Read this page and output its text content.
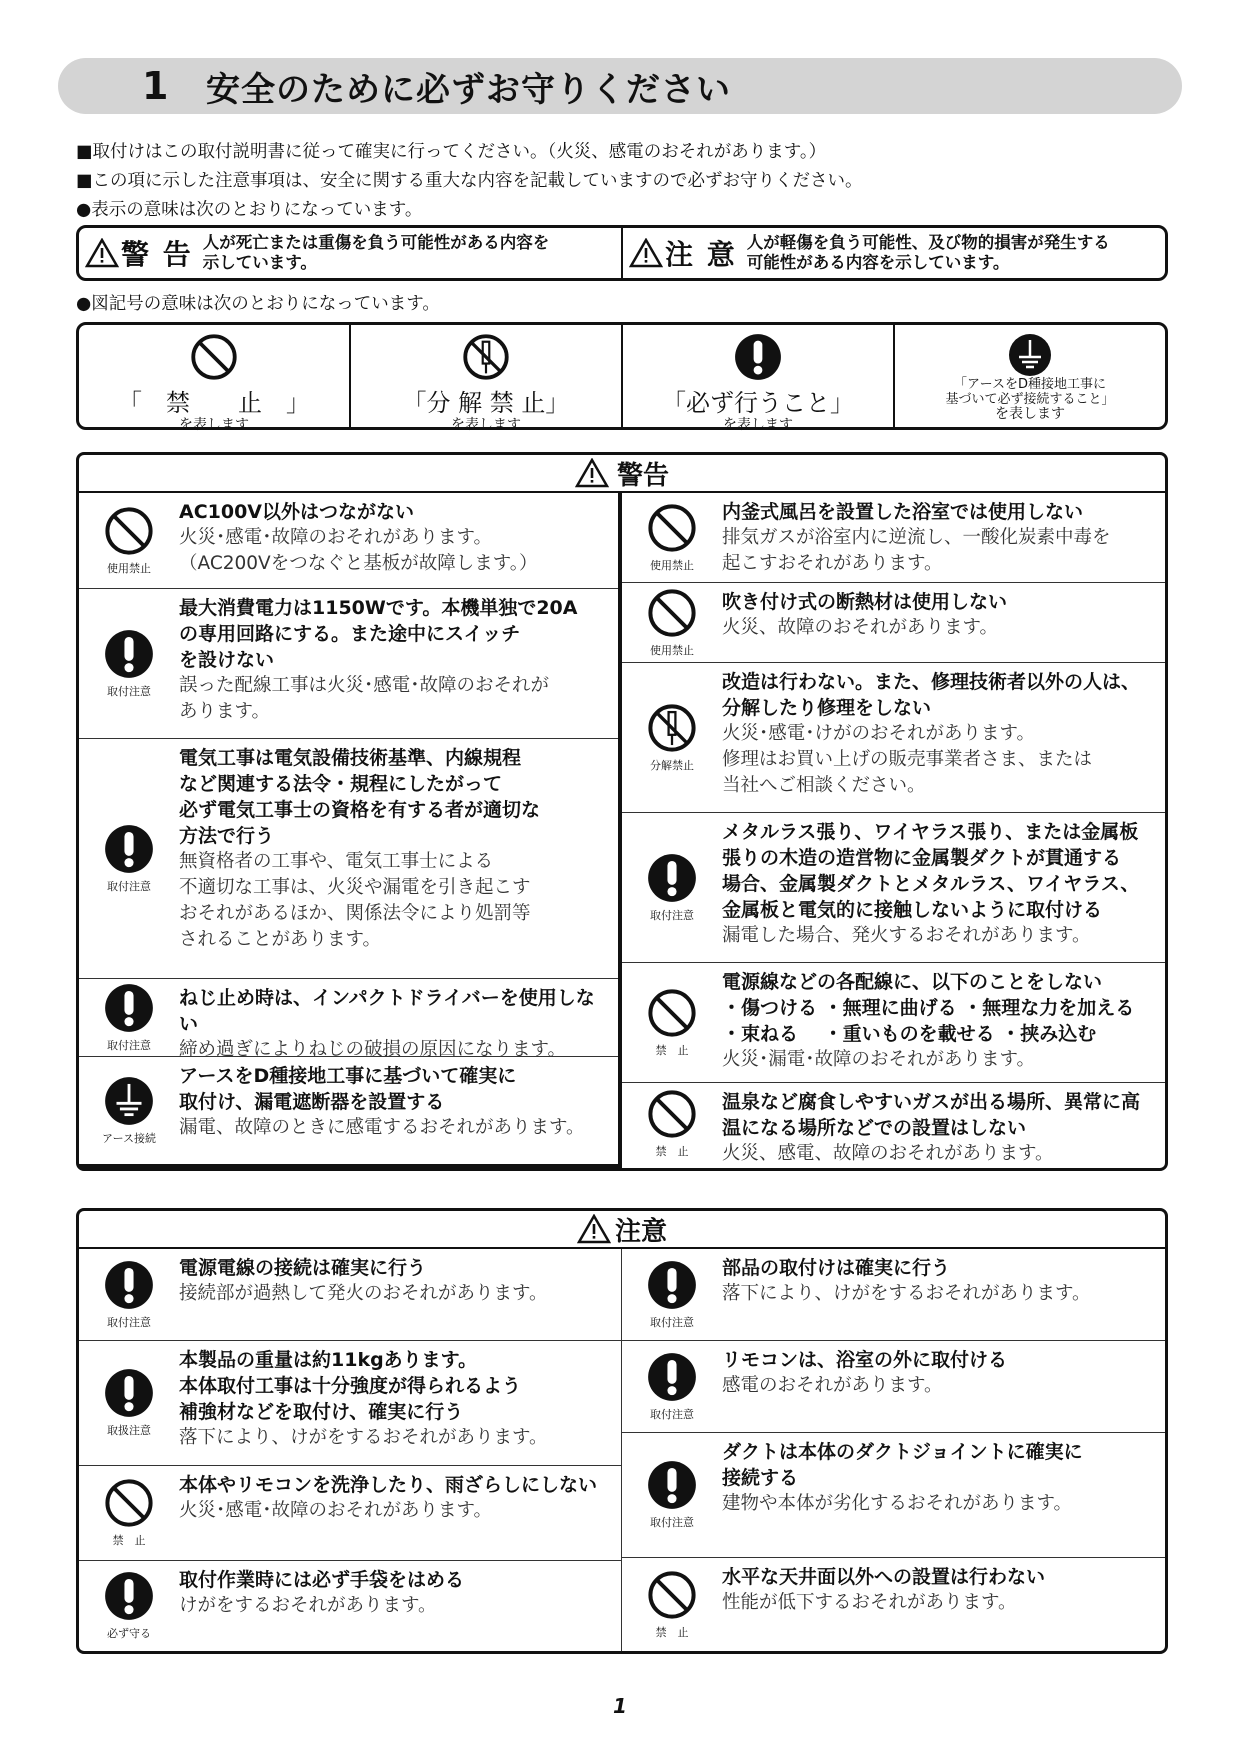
1	安全のために必ずお守りください
■取付けはこの取付説明書に従って確実に行ってください。（火災、感電のおそれがあります。）
■この項に示した注意事項は、安全に関する重大な内容を記載していますので必ずお守りください。
●表示の意味は次のとおりになっています。
警 告 人が死亡または重傷を負う可能性がある内容を
示しています。	注 意 人が軽傷を負う可能性、及び物的損害が発生する
可能性がある内容を示しています。
●図記号の意味は次のとおりになっています。
「　禁　　止　」
を表します
「分 解 禁 止」
を表します
「必ず行うこと」
を表します
「アースをD種接地工事に
基づいて必ず接続すること」
を表します
警告
使用禁止
AC100V以外はつながない
火災･感電･故障のおそれがあります。
（AC200Vをつなぐと基板が故障します。）
取付注意
最大消費電力は1150Wです。本機単独で20A
の専用回路にする。また途中にスイッチ
を設けない
誤った配線工事は火災･感電･故障のおそれが
あります。
取付注意
電気工事は電気設備技術基準、内線規程
など関連する法令・規程にしたがって
必ず電気工事士の資格を有する者が適切な
方法で行う
無資格者の工事や、電気工事士による
不適切な工事は、火災や漏電を引き起こす
おそれがあるほか、関係法令により処罰等
されることがあります。
取付注意
ねじ止め時は、インパクトドライバーを使用しない
締め過ぎによりねじの破損の原因になります。
アース接続
アースをD種接地工事に基づいて確実に
取付け、漏電遮断器を設置する
漏電、故障のときに感電するおそれがあります。
使用禁止
内釜式風呂を設置した浴室では使用しない
排気ガスが浴室内に逆流し、一酸化炭素中毒を
起こすおそれがあります。
使用禁止
吹き付け式の断熱材は使用しない
火災、故障のおそれがあります。
分解禁止
改造は行わない。また、修理技術者以外の人は、
分解したり修理をしない
火災･感電･けがのおそれがあります。
修理はお買い上げの販売事業者さま、または
当社へご相談ください。
取付注意
メタルラス張り、ワイヤラス張り、または金属板
張りの木造の造営物に金属製ダクトが貫通する
場合、金属製ダクトとメタルラス、ワイヤラス、
金属板と電気的に接触しないように取付ける
漏電した場合、発火するおそれがあります。
禁　止
電源線などの各配線に、以下のことをしない
・傷つける ・無理に曲げる ・無理な力を加える
・束ねる　 ・重いものを載せる ・挟み込む
火災･漏電･故障のおそれがあります。
禁　止
温泉など腐食しやすいガスが出る場所、異常に高
温になる場所などでの設置はしない
火災、感電、故障のおそれがあります。
注意
取付注意
電源電線の接続は確実に行う
接続部が過熱して発火のおそれがあります。
取扱注意
本製品の重量は約11kgあります。
本体取付工事は十分強度が得られるよう
補強材などを取付け、確実に行う
落下により、けがをするおそれがあります。
禁　止
本体やリモコンを洗浄したり、雨ざらしにしない
火災･感電･故障のおそれがあります。
必ず守る
取付作業時には必ず手袋をはめる
けがをするおそれがあります。
取付注意
部品の取付けは確実に行う
落下により、けがをするおそれがあります。
取付注意
リモコンは、浴室の外に取付ける
感電のおそれがあります。
取付注意
ダクトは本体のダクトジョイントに確実に
接続する
建物や本体が劣化するおそれがあります。
禁　止
水平な天井面以外への設置は行わない
性能が低下するおそれがあります。
1
